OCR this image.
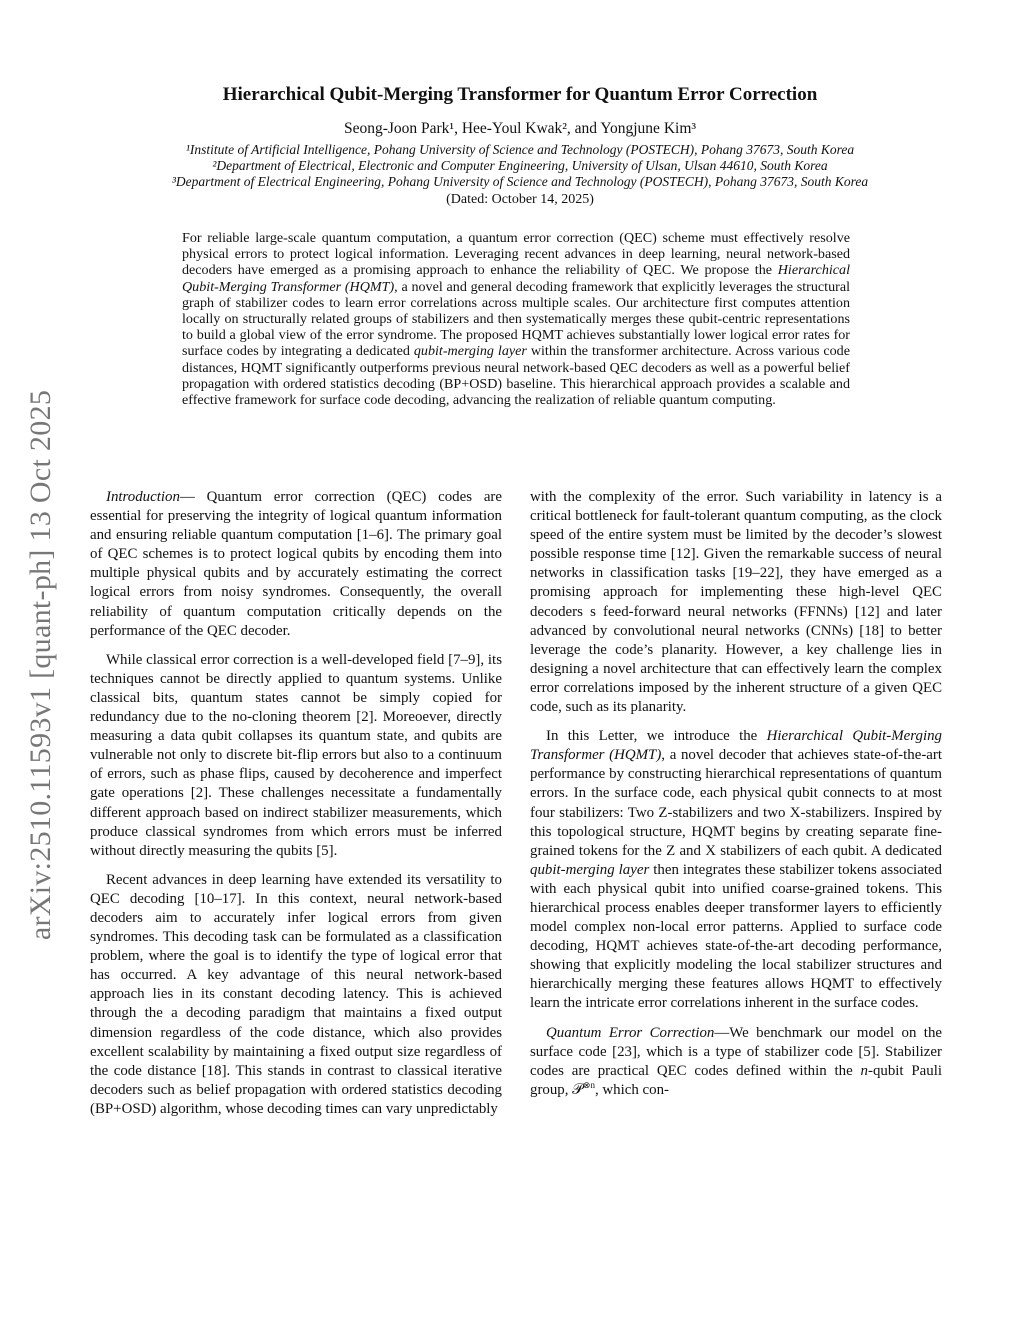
arXiv:2510.11593v1 [quant-ph] 13 Oct 2025
Hierarchical Qubit-Merging Transformer for Quantum Error Correction
Seong-Joon Park¹, Hee-Youl Kwak², and Yongjune Kim³
¹Institute of Artificial Intelligence, Pohang University of Science and Technology (POSTECH), Pohang 37673, South Korea
²Department of Electrical, Electronic and Computer Engineering, University of Ulsan, Ulsan 44610, South Korea
³Department of Electrical Engineering, Pohang University of Science and Technology (POSTECH), Pohang 37673, South Korea
(Dated: October 14, 2025)
For reliable large-scale quantum computation, a quantum error correction (QEC) scheme must effectively resolve physical errors to protect logical information. Leveraging recent advances in deep learning, neural network-based decoders have emerged as a promising approach to enhance the reliability of QEC. We propose the Hierarchical Qubit-Merging Transformer (HQMT), a novel and general decoding framework that explicitly leverages the structural graph of stabilizer codes to learn error correlations across multiple scales. Our architecture first computes attention locally on structurally related groups of stabilizers and then systematically merges these qubit-centric representations to build a global view of the error syndrome. The proposed HQMT achieves substantially lower logical error rates for surface codes by integrating a dedicated qubit-merging layer within the transformer architecture. Across various code distances, HQMT significantly outperforms previous neural network-based QEC decoders as well as a powerful belief propagation with ordered statistics decoding (BP+OSD) baseline. This hierarchical approach provides a scalable and effective framework for surface code decoding, advancing the realization of reliable quantum computing.

Introduction— Quantum error correction (QEC) codes are essential for preserving the integrity of logical quantum information and ensuring reliable quantum computation [1–6]. The primary goal of QEC schemes is to protect logical qubits by encoding them into multiple physical qubits and by accurately estimating the correct logical errors from noisy syndromes. Consequently, the overall reliability of quantum computation critically depends on the performance of the QEC decoder.

While classical error correction is a well-developed field [7–9], its techniques cannot be directly applied to quantum systems. Unlike classical bits, quantum states cannot be simply copied for redundancy due to the no-cloning theorem [2]. Moreoever, directly measuring a data qubit collapses its quantum state, and qubits are vulnerable not only to discrete bit-flip errors but also to a continuum of errors, such as phase flips, caused by decoherence and imperfect gate operations [2]. These challenges necessitate a fundamentally different approach based on indirect stabilizer measurements, which produce classical syndromes from which errors must be inferred without directly measuring the qubits [5].

Recent advances in deep learning have extended its versatility to QEC decoding [10–17]. In this context, neural network-based decoders aim to accurately infer logical errors from given syndromes. This decoding task can be formulated as a classification problem, where the goal is to identify the type of logical error that has occurred. A key advantage of this neural network-based approach lies in its constant decoding latency. This is achieved through the a decoding paradigm that maintains a fixed output dimension regardless of the code distance, which also provides excellent scalability by maintaining a fixed output size regardless of the code distance [18]. This stands in contrast to classical iterative decoders such as belief propagation with ordered statistics decoding (BP+OSD) algorithm, whose decoding times can vary unpredictably

with the complexity of the error. Such variability in latency is a critical bottleneck for fault-tolerant quantum computing, as the clock speed of the entire system must be limited by the decoder’s slowest possible response time [12]. Given the remarkable success of neural networks in classification tasks [19–22], they have emerged as a promising approach for implementing these high-level QEC decoders s feed-forward neural networks (FFNNs) [12] and later advanced by convolutional neural networks (CNNs) [18] to better leverage the code’s planarity. However, a key challenge lies in designing a novel architecture that can effectively learn the complex error correlations imposed by the inherent structure of a given QEC code, such as its planarity.

In this Letter, we introduce the Hierarchical Qubit-Merging Transformer (HQMT), a novel decoder that achieves state-of-the-art performance by constructing hierarchical representations of quantum errors. In the surface code, each physical qubit connects to at most four stabilizers: Two Z-stabilizers and two X-stabilizers. Inspired by this topological structure, HQMT begins by creating separate fine-grained tokens for the Z and X stabilizers of each qubit. A dedicated qubit-merging layer then integrates these stabilizer tokens associated with each physical qubit into unified coarse-grained tokens. This hierarchical process enables deeper transformer layers to efficiently model complex non-local error patterns. Applied to surface code decoding, HQMT achieves state-of-the-art decoding performance, showing that explicitly modeling the local stabilizer structures and hierarchically merging these features allows HQMT to effectively learn the intricate error correlations inherent in the surface codes.

Quantum Error Correction—We benchmark our model on the surface code [23], which is a type of stabilizer code [5]. Stabilizer codes are practical QEC codes defined within the n-qubit Pauli group, 𝒫$^{\otimes n}$, which con-
